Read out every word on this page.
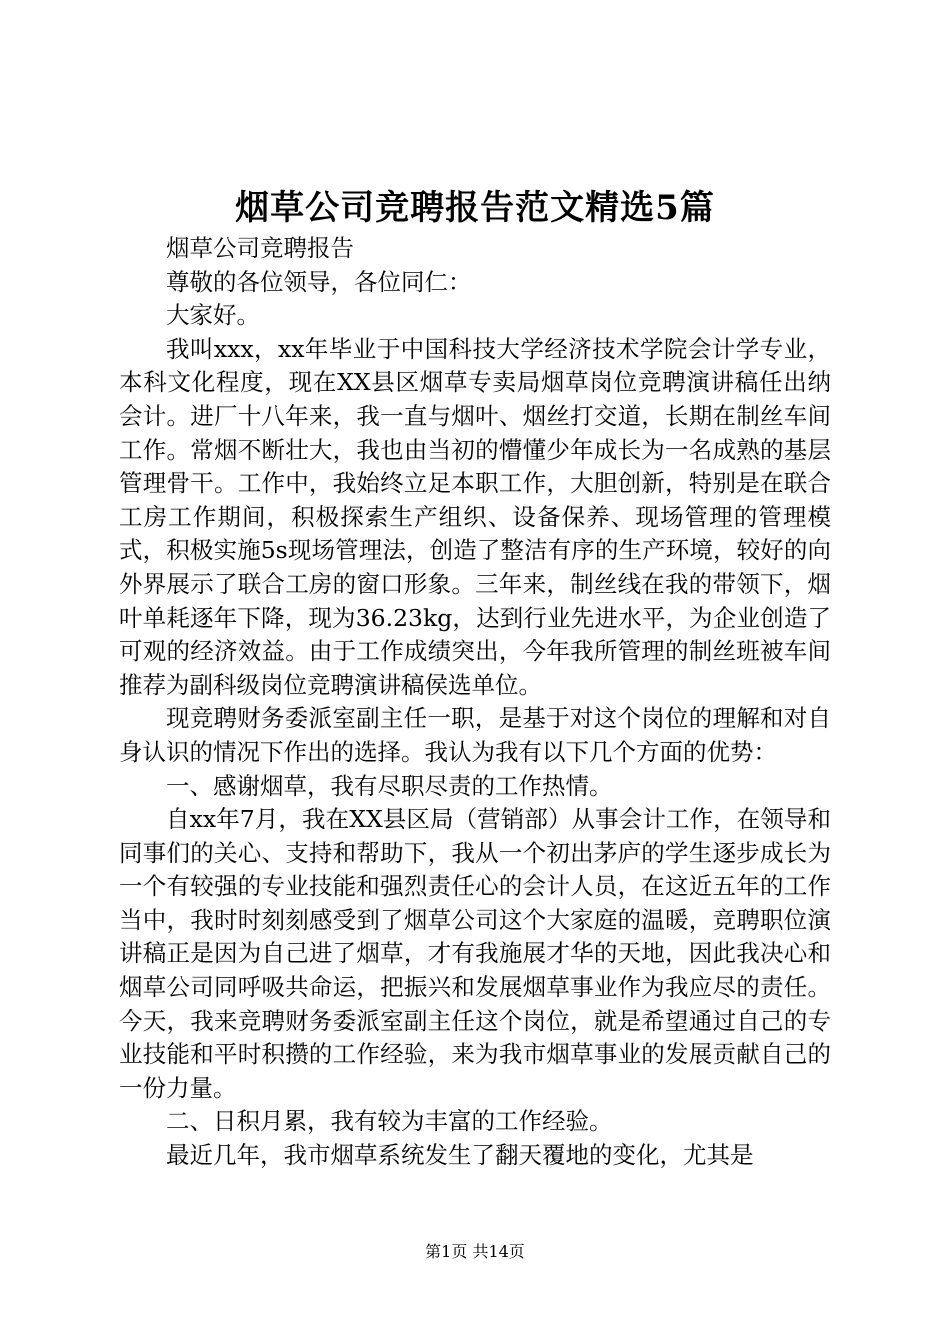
烟草公司竞聘报告范文精选5篇

烟草公司竞聘报告

尊敬的各位领导，各位同仁：

大家好。

我叫xxx，xx年毕业于中国科技大学经济技术学院会计学专业，本科文化程度，现在XX县区烟草专卖局烟草岗位竞聘演讲稿任出纳会计。进厂十八年来，我一直与烟叶、烟丝打交道，长期在制丝车间工作。常烟不断壮大，我也由当初的懵懂少年成长为一名成熟的基层管理骨干。工作中，我始终立足本职工作，大胆创新，特别是在联合工房工作期间，积极探索生产组织、设备保养、现场管理的管理模式，积极实施5s现场管理法，创造了整洁有序的生产环境，较好的向外界展示了联合工房的窗口形象。三年来，制丝线在我的带领下，烟叶单耗逐年下降，现为36.23kg，达到行业先进水平，为企业创造了可观的经济效益。由于工作成绩突出，今年我所管理的制丝班被车间推荐为副科级岗位竞聘演讲稿侯选单位。

现竞聘财务委派室副主任一职，是基于对这个岗位的理解和对自身认识的情况下作出的选择。我认为我有以下几个方面的优势：

一、感谢烟草，我有尽职尽责的工作热情。

自xx年7月，我在XX县区局（营销部）从事会计工作，在领导和同事们的关心、支持和帮助下，我从一个初出茅庐的学生逐步成长为一个有较强的专业技能和强烈责任心的会计人员，在这近五年的工作当中，我时时刻刻感受到了烟草公司这个大家庭的温暖，竞聘职位演讲稿正是因为自己进了烟草，才有我施展才华的天地，因此我决心和烟草公司同呼吸共命运，把振兴和发展烟草事业作为我应尽的责任。今天，我来竞聘财务委派室副主任这个岗位，就是希望通过自己的专业技能和平时积攒的工作经验，来为我市烟草事业的发展贡献自己的一份力量。

二、日积月累，我有较为丰富的工作经验。

最近几年，我市烟草系统发生了翻天覆地的变化，尤其是

第1页 共14页
